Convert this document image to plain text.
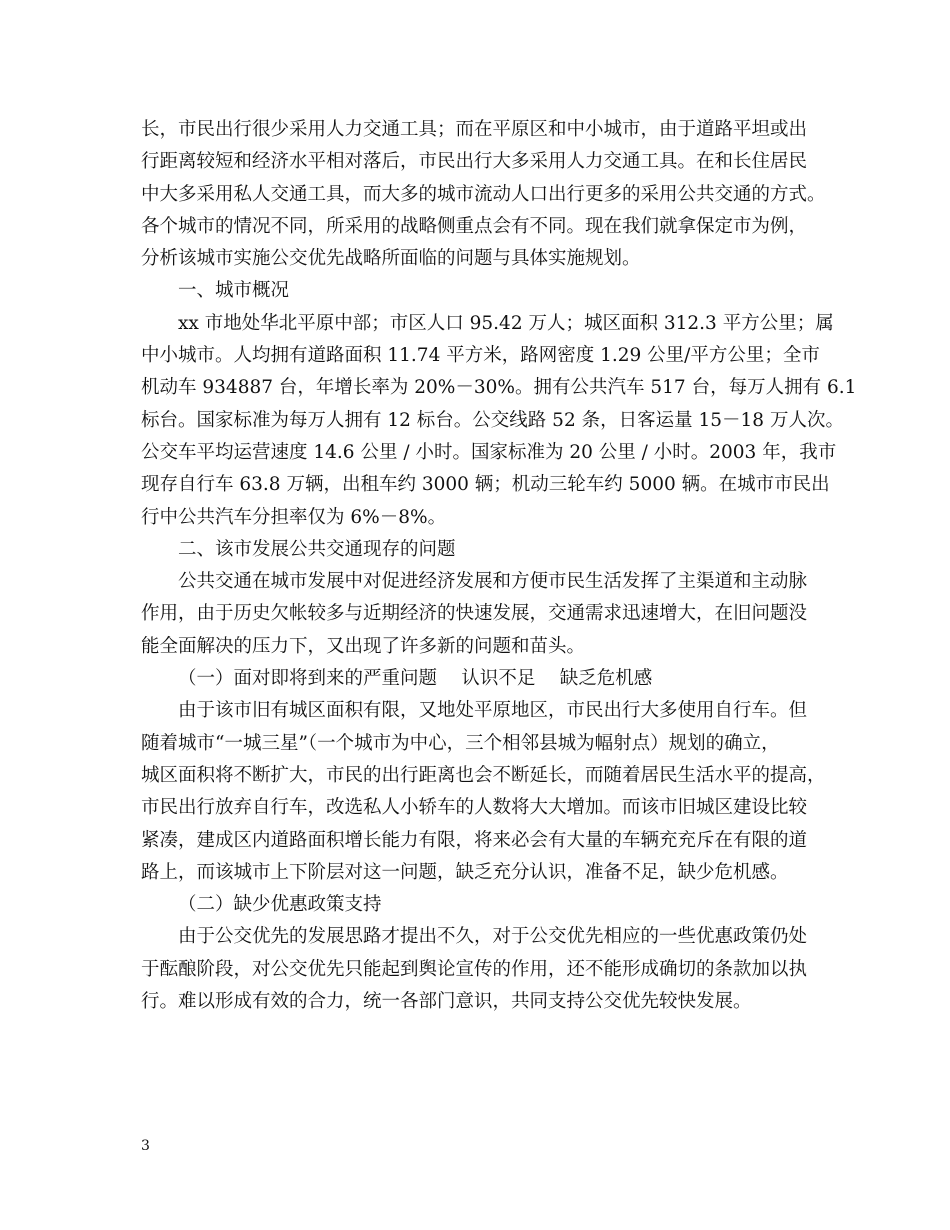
长，市民出行很少采用人力交通工具；而在平原区和中小城市，由于道路平坦或出
行距离较短和经济水平相对落后，市民出行大多采用人力交通工具。在和长住居民
中大多采用私人交通工具，而大多的城市流动人口出行更多的采用公共交通的方式。
各个城市的情况不同，所采用的战略侧重点会有不同。现在我们就拿保定市为例，
分析该城市实施公交优先战略所面临的问题与具体实施规划。
一、城市概况
xx 市地处华北平原中部；市区人口 95.42 万人；城区面积 312.3 平方公里；属
中小城市。人均拥有道路面积 11.74 平方米，路网密度 1.29 公里/平方公里；全市
机动车 934887 台，年增长率为 20%－30%。拥有公共汽车 517 台，每万人拥有 6.1
标台。国家标准为每万人拥有 12 标台。公交线路 52 条，日客运量 15－18 万人次。
公交车平均运营速度 14.6 公里 / 小时。国家标准为 20 公里 / 小时。2003 年，我市
现存自行车 63.8 万辆，出租车约 3000 辆；机动三轮车约 5000 辆。在城市市民出
行中公共汽车分担率仅为 6%－8%。
二、该市发展公共交通现存的问题
公共交通在城市发展中对促进经济发展和方便市民生活发挥了主渠道和主动脉
作用，由于历史欠帐较多与近期经济的快速发展，交通需求迅速增大，在旧问题没
能全面解决的压力下，又出现了许多新的问题和苗头。
（一）面对即将到来的严重问题　 认识不足　 缺乏危机感
由于该市旧有城区面积有限，又地处平原地区，市民出行大多使用自行车。但
随着城市“一城三星”（一个城市为中心，三个相邻县城为幅射点）规划的确立，
城区面积将不断扩大，市民的出行距离也会不断延长，而随着居民生活水平的提高，
市民出行放弃自行车，改选私人小轿车的人数将大大增加。而该市旧城区建设比较
紧凑，建成区内道路面积增长能力有限，将来必会有大量的车辆充充斥在有限的道
路上，而该城市上下阶层对这一问题，缺乏充分认识，准备不足，缺少危机感。
（二）缺少优惠政策支持
由于公交优先的发展思路才提出不久，对于公交优先相应的一些优惠政策仍处
于酝酿阶段，对公交优先只能起到舆论宣传的作用，还不能形成确切的条款加以执
行。难以形成有效的合力，统一各部门意识，共同支持公交优先较快发展。
3
